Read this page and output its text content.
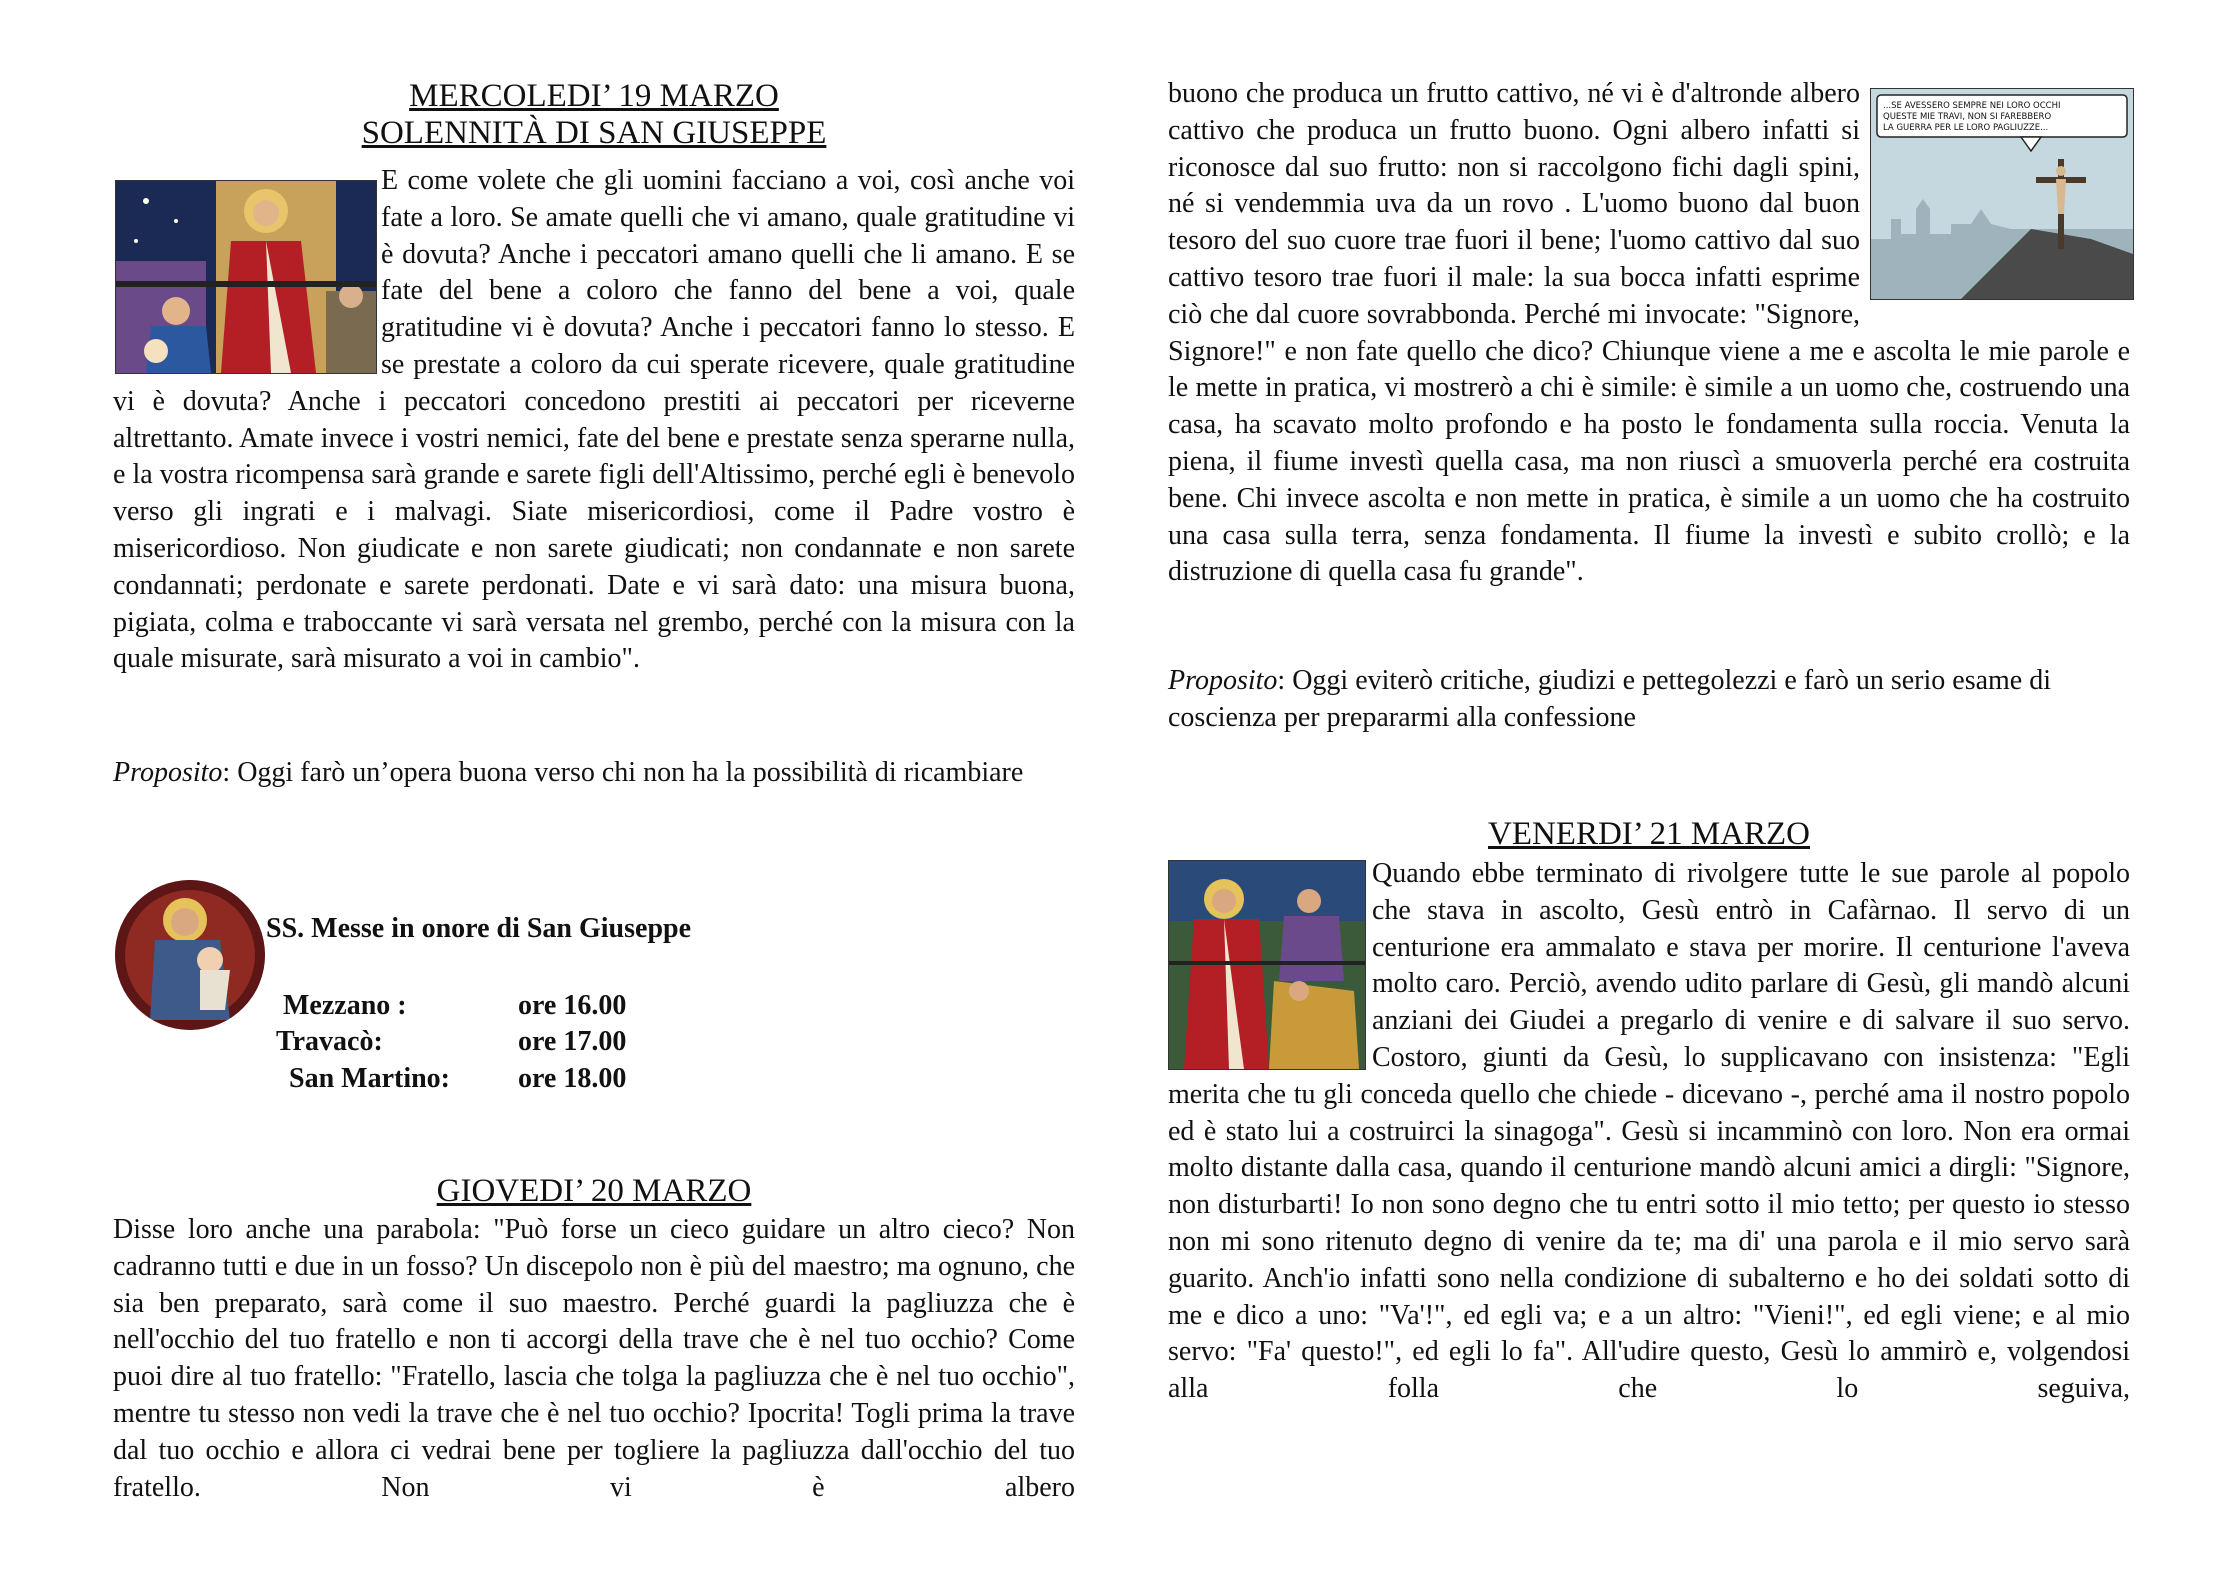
MERCOLEDI’ 19 MARZO
SOLENNITÀ DI SAN GIUSEPPE

E come volete che gli uomini facciano a voi, così anche voi fate a loro. Se amate quelli che vi amano, quale gratitudine vi è dovuta? Anche i peccatori amano quelli che li amano. E se fate del bene a coloro che fanno del bene a voi, quale gratitudine vi è dovuta? Anche i peccatori fanno lo stesso. E se prestate a coloro da cui sperate ricevere, quale gratitudine vi è dovuta? Anche i peccatori concedono prestiti ai peccatori per riceverne altrettanto. Amate invece i vostri nemici, fate del bene e prestate senza sperarne nulla, e la vostra ricompensa sarà grande e sarete figli dell'Altissimo, perché egli è benevolo verso gli ingrati e i malvagi. Siate misericordiosi, come il Padre vostro è misericordioso. Non giudicate e non sarete giudicati; non condannate e non sarete condannati; perdonate e sarete perdonati. Date e vi sarà dato: una misura buona, pigiata, colma e traboccante vi sarà versata nel grembo, perché con la misura con la quale misurate, sarà misurato a voi in cambio".

Proposito: Oggi farò un’opera buona verso chi non ha la possibilità di ricambiare

SS. Messe in onore di San Giuseppe
Mezzano :	ore 16.00
Travacò:	ore 17.00
San Martino: ore 18.00
GIOVEDI’ 20 MARZO

Disse loro anche una parabola: "Può forse un cieco guidare un altro cieco? Non cadranno tutti e due in un fosso? Un discepolo non è più del maestro; ma ognuno, che sia ben preparato, sarà come il suo maestro. Perché guardi la pagliuzza che è nell'occhio del tuo fratello e non ti accorgi della trave che è nel tuo occhio? Come puoi dire al tuo fratello: "Fratello, lascia che tolga la pagliuzza che è nel tuo occhio", mentre tu stesso non vedi la trave che è nel tuo occhio? Ipocrita! Togli prima la trave dal tuo occhio e allora ci vedrai bene per togliere la pagliuzza dall'occhio del tuo fratello. Non vi è albero

...SE AVESSERO SEMPRE NEI LORO OCCHI
QUESTE MIE TRAVI, NON SI FAREBBERO
LA GUERRA PER LE LORO PAGLIUZZE...

buono che produca un frutto cattivo, né vi è d'altronde albero cattivo che produca un frutto buono. Ogni albero infatti si riconosce dal suo frutto: non si raccolgono fichi dagli spini, né si vendemmia uva da un rovo . L'uomo buono dal buon tesoro del suo cuore trae fuori il bene; l'uomo cattivo dal suo cattivo tesoro trae fuori il male: la sua bocca infatti esprime ciò che dal cuore sovrabbonda. Perché mi invocate: "Signore, Signore!" e non fate quello che dico? Chiunque viene a me e ascolta le mie parole e le mette in pratica, vi mostrerò a chi è simile: è simile a un uomo che, costruendo una casa, ha scavato molto profondo e ha posto le fondamenta sulla roccia. Venuta la piena, il fiume investì quella casa, ma non riuscì a smuoverla perché era costruita bene. Chi invece ascolta e non mette in pratica, è simile a un uomo che ha costruito una casa sulla terra, senza fondamenta. Il fiume la investì e subito crollò; e la distruzione di quella casa fu grande".

Proposito: Oggi eviterò critiche, giudizi e pettegolezzi e farò un serio esame di coscienza per prepararmi alla confessione

VENERDI’ 21 MARZO

Quando ebbe terminato di rivolgere tutte le sue parole al popolo che stava in ascolto, Gesù entrò in Cafàrnao. Il servo di un centurione era ammalato e stava per morire. Il centurione l'aveva molto caro. Perciò, avendo udito parlare di Gesù, gli mandò alcuni anziani dei Giudei a pregarlo di venire e di salvare il suo servo. Costoro, giunti da Gesù, lo supplicavano con insistenza: "Egli merita che tu gli conceda quello che chiede - dicevano -, perché ama il nostro popolo ed è stato lui a costruirci la sinagoga". Gesù si incamminò con loro. Non era ormai molto distante dalla casa, quando il centurione mandò alcuni amici a dirgli: "Signore, non disturbarti! Io non sono degno che tu entri sotto il mio tetto; per questo io stesso non mi sono ritenuto degno di venire da te; ma di' una parola e il mio servo sarà guarito. Anch'io infatti sono nella condizione di subalterno e ho dei soldati sotto di me e dico a uno: "Va'!", ed egli va; e a un altro: "Vieni!", ed egli viene; e al mio servo: "Fa' questo!", ed egli lo fa". All'udire questo, Gesù lo ammirò e, volgendosi alla folla che lo seguiva,
